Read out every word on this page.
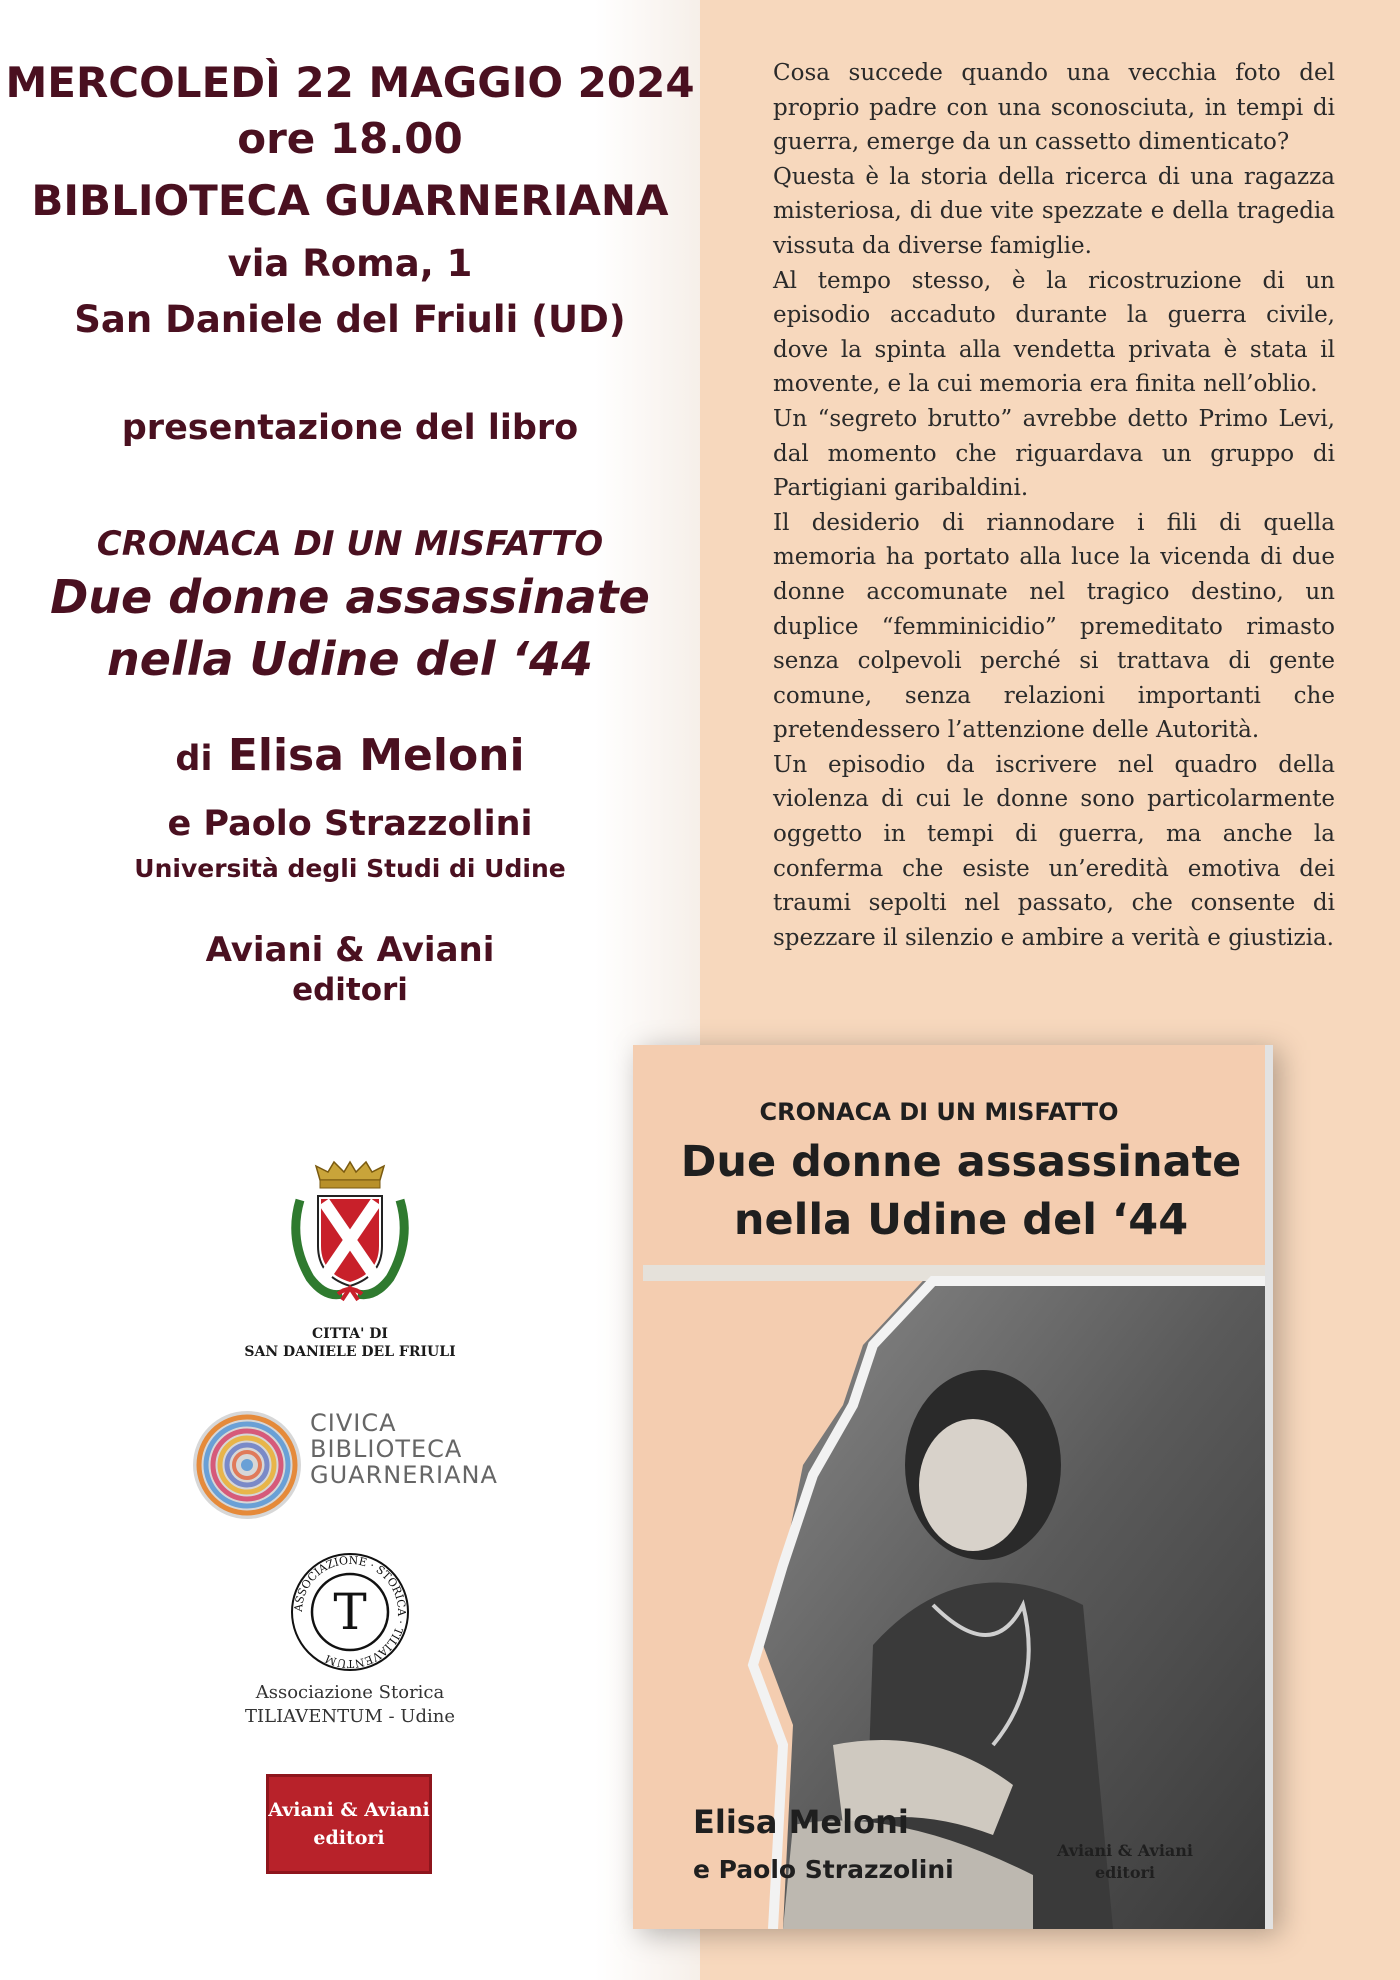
MERCOLEDÌ 22 MAGGIO 2024
ore 18.00
BIBLIOTECA GUARNERIANA
via Roma, 1
San Daniele del Friuli (UD)
presentazione del libro
CRONACA DI UN MISFATTO
Due donne assassinate
nella Udine del ‘44
di Elisa Meloni
e Paolo Strazzolini
Università degli Studi di Udine
Aviani & Aviani
editori

Cosa succede quando una vecchia foto del proprio padre con una sconosciuta, in tempi di guerra, emerge da un cassetto dimenticato?

Questa è la storia della ricerca di una ragazza misteriosa, di due vite spezzate e della tragedia vissuta da diverse famiglie.

Al tempo stesso, è la ricostruzione di un episodio accaduto durante la guerra civile, dove la spinta alla vendetta privata è stata il movente, e la cui memoria era finita nell’oblio.

Un “segreto brutto” avrebbe detto Primo Levi, dal momento che riguardava un gruppo di Partigiani garibaldini.

Il desiderio di riannodare i fili di quella memoria ha portato alla luce la vicenda di due donne accomunate nel tragico destino, un duplice “femminicidio” premeditato rimasto senza colpevoli perché si trattava di gente comune, senza relazioni importanti che pretendessero l’attenzione delle Autorità.

Un episodio da iscrivere nel quadro della violenza di cui le donne sono particolarmente oggetto in tempi di guerra, ma anche la conferma che esiste un’eredità emotiva dei traumi sepolti nel passato, che consente di spezzare il silenzio e ambire a verità e giustizia.

CITTA' DI
SAN DANIELE DEL FRIULI
CIVICA
BIBLIOTECA
GUARNERIANA
ASSOCIAZIONE · STORICA · TILIAVENTUM
T
Associazione Storica
TILIAVENTUM - Udine
Aviani & Aviani
editori
CRONACA DI UN MISFATTO
Due donne assassinate
nella Udine del ‘44
Elisa Meloni
e Paolo Strazzolini
Aviani & Aviani
editori
